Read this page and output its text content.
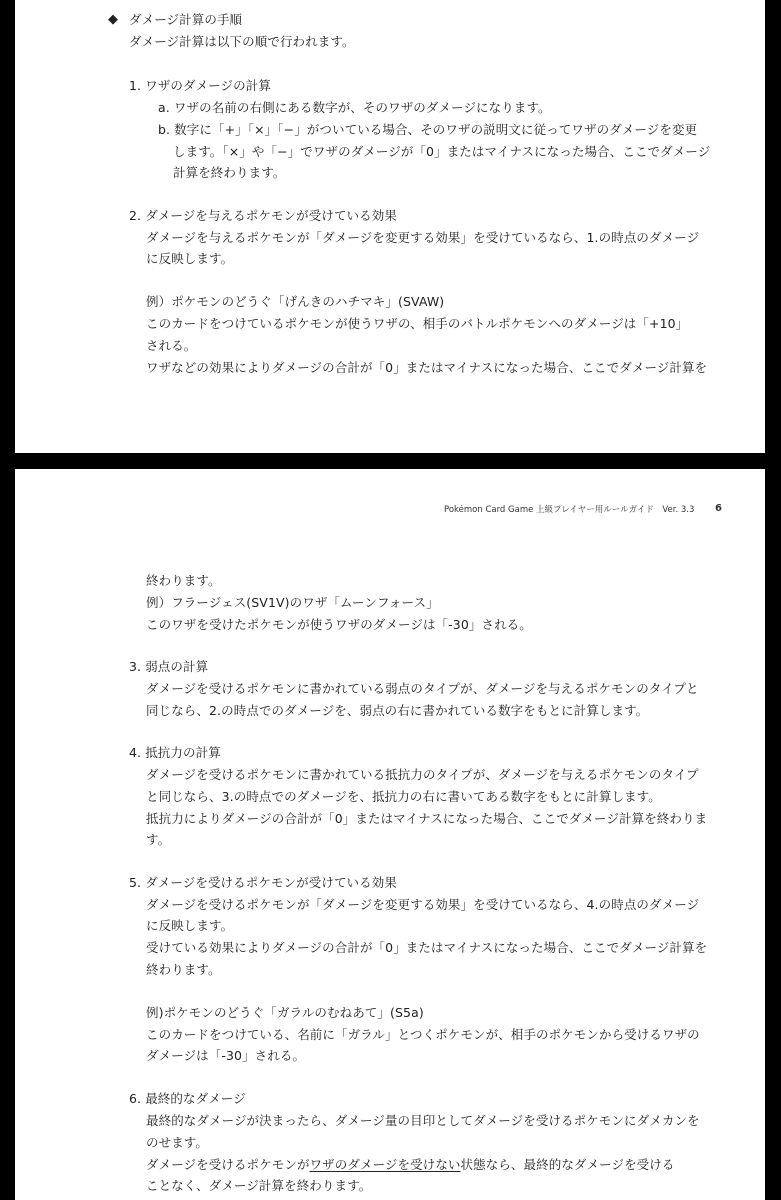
◆ ダメージ計算の手順
ダメージ計算は以下の順で行われます。
1. ワザのダメージの計算
a. ワザの名前の右側にある数字が、そのワザのダメージになります。
b. 数字に「+」「×」「−」がついている場合、そのワザの説明文に従ってワザのダメージを変更
します。「×」や「−」でワザのダメージが「0」またはマイナスになった場合、ここでダメージ
計算を終わります。
2. ダメージを与えるポケモンが受けている効果
ダメージを与えるポケモンが「ダメージを変更する効果」を受けているなら、1.の時点のダメージ
に反映します。
例）ポケモンのどうぐ「げんきのハチマキ」(SVAW)
このカードをつけているポケモンが使うワザの、相手のバトルポケモンへのダメージは「+10」
される。
ワザなどの効果によりダメージの合計が「0」またはマイナスになった場合、ここでダメージ計算を
Pokémon Card Game 上級プレイヤー用ルールガイド　Ver. 3.3 6
終わります。
例）フラージェス(SV1V)のワザ「ムーンフォース」
このワザを受けたポケモンが使うワザのダメージは「-30」される。
3. 弱点の計算
ダメージを受けるポケモンに書かれている弱点のタイプが、ダメージを与えるポケモンのタイプと
同じなら、2.の時点でのダメージを、弱点の右に書かれている数字をもとに計算します。
4. 抵抗力の計算
ダメージを受けるポケモンに書かれている抵抗力のタイプが、ダメージを与えるポケモンのタイプ
と同じなら、3.の時点でのダメージを、抵抗力の右に書いてある数字をもとに計算します。
抵抗力によりダメージの合計が「0」またはマイナスになった場合、ここでダメージ計算を終わりま
す。
5. ダメージを受けるポケモンが受けている効果
ダメージを受けるポケモンが「ダメージを変更する効果」を受けているなら、4.の時点のダメージ
に反映します。
受けている効果によりダメージの合計が「0」またはマイナスになった場合、ここでダメージ計算を
終わります。
例)ポケモンのどうぐ「ガラルのむねあて」(S5a)
このカードをつけている、名前に「ガラル」とつくポケモンが、相手のポケモンから受けるワザの
ダメージは「-30」される。
6. 最終的なダメージ
最終的なダメージが決まったら、ダメージ量の目印としてダメージを受けるポケモンにダメカンを
のせます。
ダメージを受けるポケモンがワザのダメージを受けない状態なら、最終的なダメージを受ける
ことなく、ダメージ計算を終わります。
